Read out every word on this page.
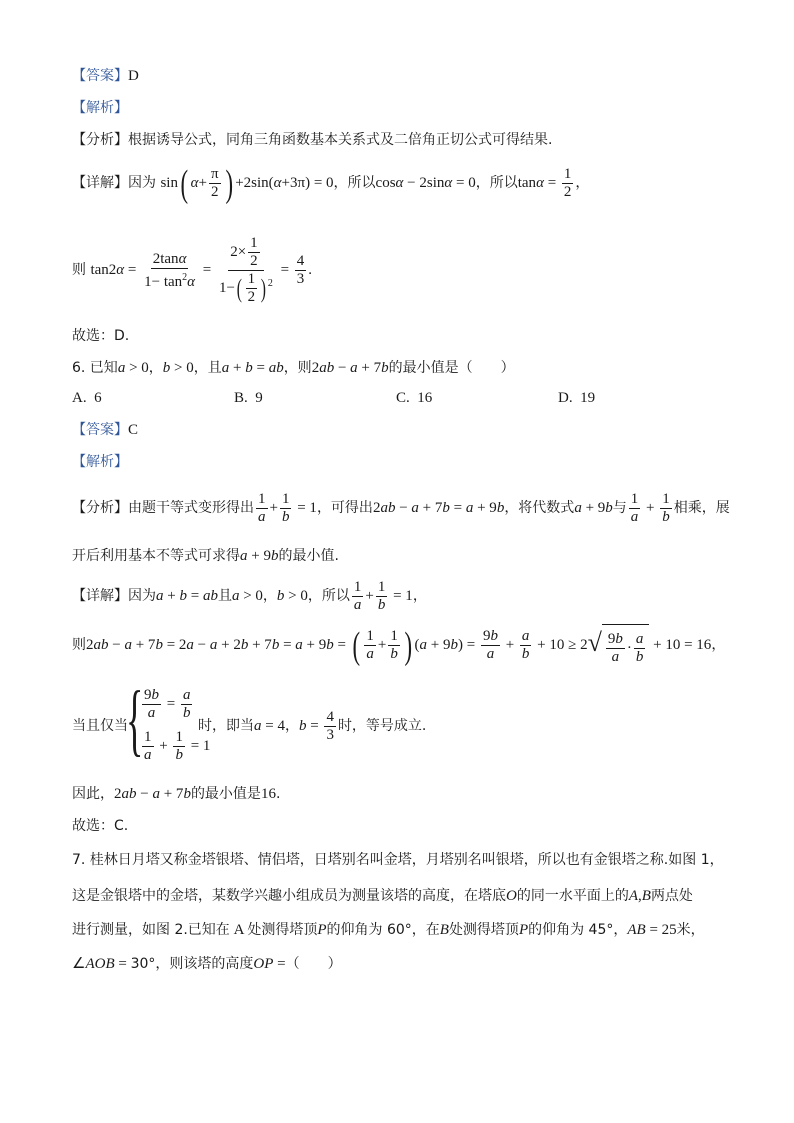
【答案】D
【解析】
【分析】根据诱导公式，同角三角函数基本关系式及二倍角正切公式可得结果.
【详解】因为 sin( $\alpha+ \frac{\pi}{2}$ ) +2sin(α+3π) = 0，所以cosα − 2sinα = 0，所以$\tan\alpha = \frac{1}{2}$ ，
则 $\tan 2\alpha = \frac{2\tan\alpha}{1- \tan^2\alpha} = \frac{2\times \frac{1}{2}}{1-( \frac{1}{2} ) ^2} = \frac{4}{3}$ .
故选：D.
6. 已知a > 0，b > 0，且a + b = ab，则2ab − a + 7b的最小值是（　　）
A. 6	B. 9	C. 16	D. 19
【答案】C
【解析】
【分析】由题干等式变形得出 $\frac{1}{a} + \frac{1}{b} = 1$，可得出2ab − a + 7b = a + 9b，将代数式a + 9b与 $\frac{1}{a} + \frac{1}{b}$ 相乘，展
开后利用基本不等式可求得a + 9b的最小值.
【详解】因为a + b = ab且a > 0，b > 0，所以 $\frac{1}{a} + \frac{1}{b} = 1$，
则2ab − a + 7b = 2a − a + 2b + 7b = a + 9b = ( $\frac{1}{a} + \frac{1}{b}$ ) $(a + 9b) = \frac{9b}{a} + \frac{a}{b} + 10 \ge 2√ \frac{9b}{a} \cdot \frac{a}{b} + 10 = 16$，
{
当且仅当
$\frac{9b}{a} = \frac{a}{b}$
$\frac{1}{a} + \frac{1}{b} = 1$
时，即当a = 4，$b = \frac{4}{3}$ 时，等号成立.
因此，2ab − a + 7b的最小值是16.
故选：C.
7. 桂林日月塔又称金塔银塔、情侣塔，日塔别名叫金塔，月塔别名叫银塔，所以也有金银塔之称.如图 1，
这是金银塔中的金塔，某数学兴趣小组成员为测量该塔的高度，在塔底O的同一水平面上的A,B两点处
进行测量，如图 2.已知在 A 处测得塔顶P的仰角为 60°，在B处测得塔顶P的仰角为 45°，AB = 25米，
∠AOB = 30°，则该塔的高度OP =（　　）
